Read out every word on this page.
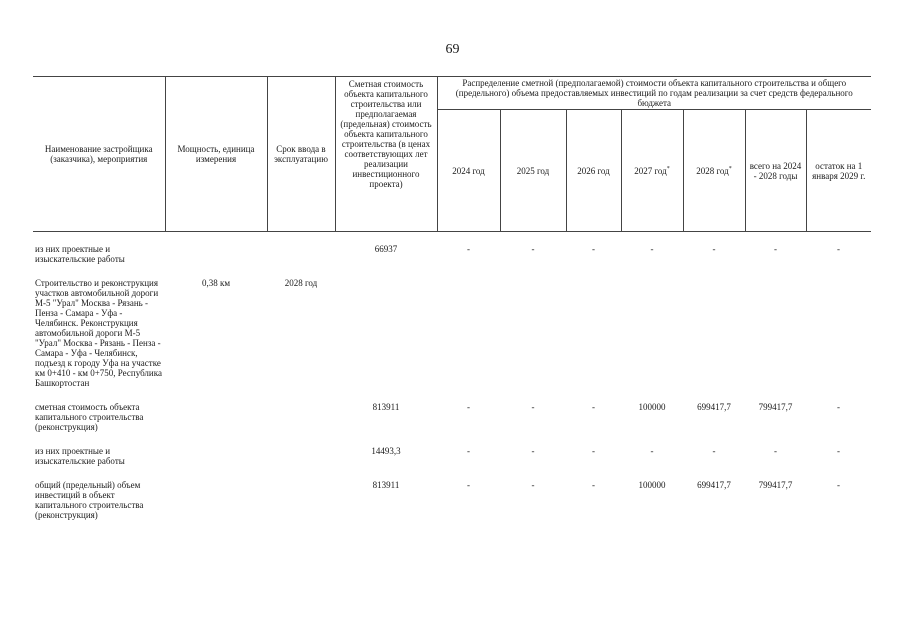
69
Наименование застройщика (заказчика), мероприятия	Мощность, единица измерения	Срок ввода в эксплуатацию	Сметная стоимость объекта капитального строительства или предполагаемая (предельная) стоимость объекта капитального строительства (в ценах соответствующих лет реализации инвестиционного проекта)	Распределение сметной (предполагаемой) стоимости объекта капитального строительства и общего (предельного) объема предоставляемых инвестиций по годам реализации за счет средств федерального бюджета						
				2024 год	2025 год	2026 год	2027 год*	2028 год*	всего на 2024 - 2028 годы	остаток на 1 января 2029 г.
из них проектные и изыскательские работы			66937	-	-	-	-	-	-	-
Строительство и реконструкция участков автомобильной дороги М-5 "Урал" Москва - Рязань - Пенза - Самара - Уфа - Челябинск. Реконструкция автомобильной дороги М-5 "Урал" Москва - Рязань - Пенза - Самара - Уфа - Челябинск, подъезд к городу Уфа на участке км 0+410 - км 0+750, Республика Башкортостан	0,38 км	2028 год								
сметная стоимость объекта капитального строительства (реконструкция)			813911	-	-	-	100000	699417,7	799417,7	-
из них проектные и изыскательские работы			14493,3	-	-	-	-	-	-	-
общий (предельный) объем инвестиций в объект капитального строительства (реконструкция)			813911	-	-	-	100000	699417,7	799417,7	-
